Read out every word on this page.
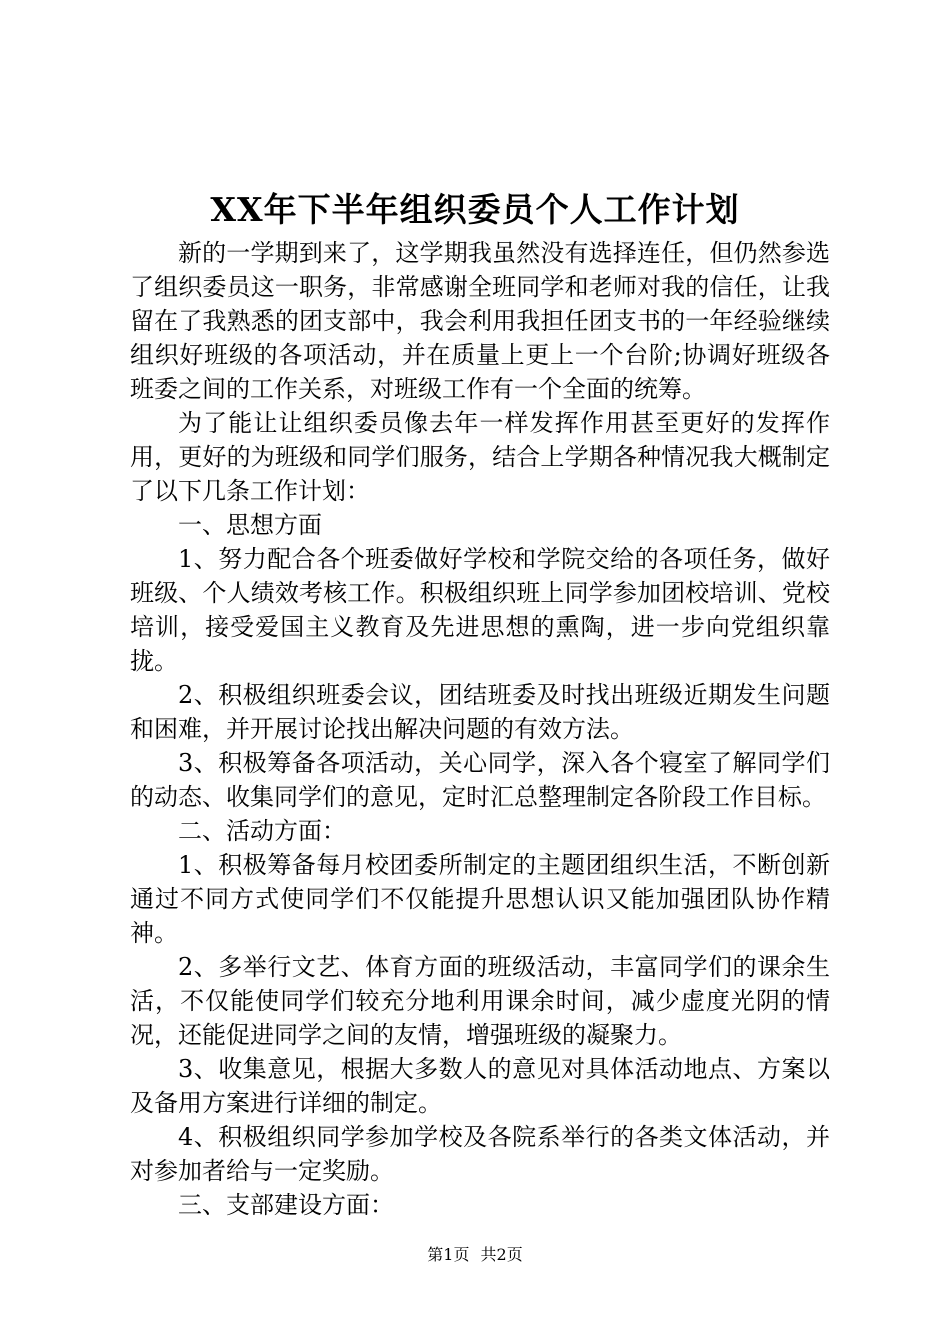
XX年下半年组织委员个人工作计划

新的一学期到来了，这学期我虽然没有选择连任，但仍然参选了组织委员这一职务，非常感谢全班同学和老师对我的信任，让我留在了我熟悉的团支部中，我会利用我担任团支书的一年经验继续组织好班级的各项活动，并在质量上更上一个台阶;协调好班级各班委之间的工作关系，对班级工作有一个全面的统筹。

为了能让让组织委员像去年一样发挥作用甚至更好的发挥作用，更好的为班级和同学们服务，结合上学期各种情况我大概制定了以下几条工作计划：

一、思想方面

1、努力配合各个班委做好学校和学院交给的各项任务，做好班级、个人绩效考核工作。积极组织班上同学参加团校培训、党校培训，接受爱国主义教育及先进思想的熏陶，进一步向党组织靠拢。

2、积极组织班委会议，团结班委及时找出班级近期发生问题和困难，并开展讨论找出解决问题的有效方法。

3、积极筹备各项活动，关心同学，深入各个寝室了解同学们的动态、收集同学们的意见，定时汇总整理制定各阶段工作目标。

二、活动方面：

1、积极筹备每月校团委所制定的主题团组织生活，不断创新通过不同方式使同学们不仅能提升思想认识又能加强团队协作精神。

2、多举行文艺、体育方面的班级活动，丰富同学们的课余生活，不仅能使同学们较充分地利用课余时间，减少虚度光阴的情况，还能促进同学之间的友情，增强班级的凝聚力。

3、收集意见，根据大多数人的意见对具体活动地点、方案以及备用方案进行详细的制定。

4、积极组织同学参加学校及各院系举行的各类文体活动，并对参加者给与一定奖励。

三、支部建设方面：

第1页 共2页
